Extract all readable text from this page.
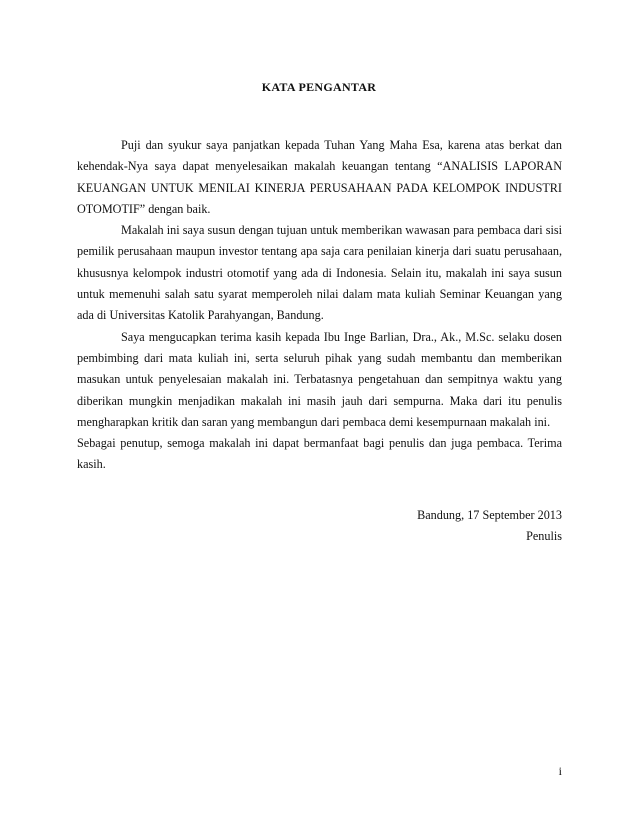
KATA PENGANTAR

Puji dan syukur saya panjatkan kepada Tuhan Yang Maha Esa, karena atas berkat dan kehendak-Nya saya dapat menyelesaikan makalah keuangan tentang “ANALISIS LAPORAN KEUANGAN UNTUK MENILAI KINERJA PERUSAHAAN PADA KELOMPOK INDUSTRI OTOMOTIF” dengan baik.

Makalah ini saya susun dengan tujuan untuk memberikan wawasan para pembaca dari sisi pemilik perusahaan maupun investor tentang apa saja cara penilaian kinerja dari suatu perusahaan, khususnya kelompok industri otomotif yang ada di Indonesia. Selain itu, makalah ini saya susun untuk memenuhi salah satu syarat memperoleh nilai dalam mata kuliah Seminar Keuangan yang ada di Universitas Katolik Parahyangan, Bandung.

Saya mengucapkan terima kasih kepada Ibu Inge Barlian, Dra., Ak., M.Sc. selaku dosen pembimbing dari mata kuliah ini, serta seluruh pihak yang sudah membantu dan memberikan masukan untuk penyelesaian makalah ini. Terbatasnya pengetahuan dan sempitnya waktu yang diberikan mungkin menjadikan makalah ini masih jauh dari sempurna. Maka dari itu penulis mengharapkan kritik dan saran yang membangun dari pembaca demi kesempurnaan makalah ini.

Sebagai penutup, semoga makalah ini dapat bermanfaat bagi penulis dan juga pembaca. Terima kasih.

Bandung, 17 September 2013
Penulis
i
